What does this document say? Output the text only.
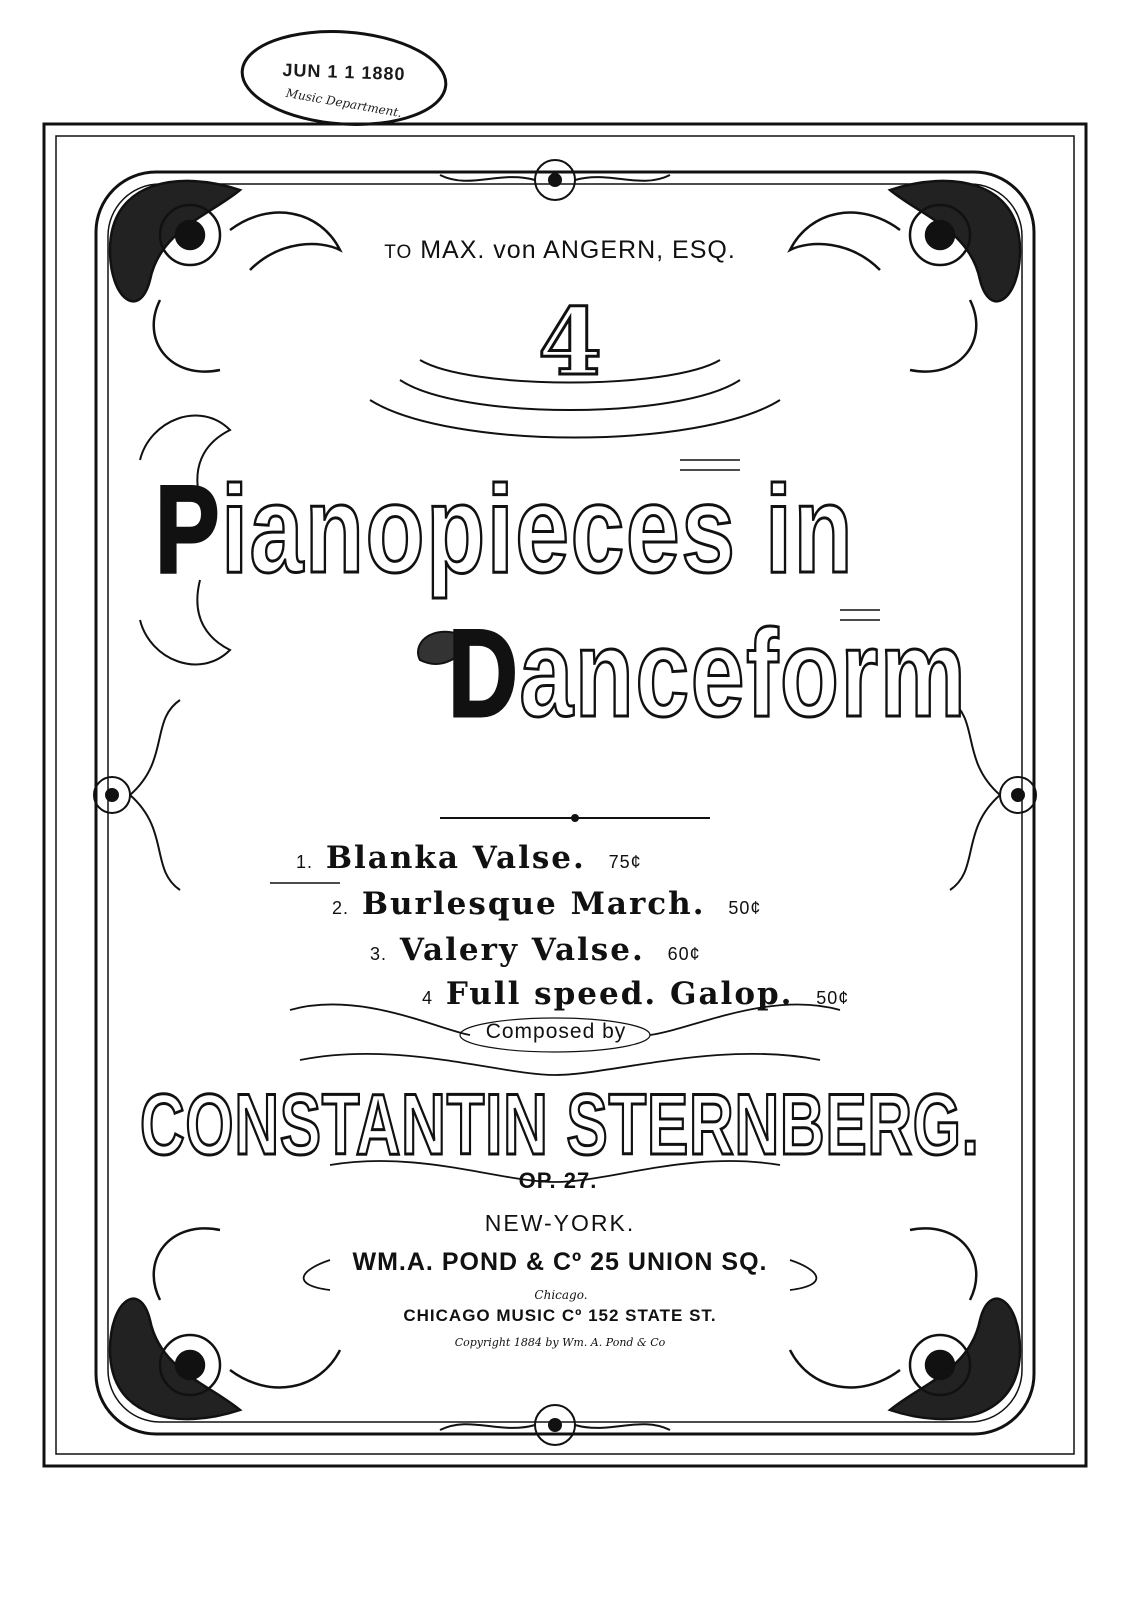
JUN 1 1 1880
Music Department.
TO MAX. von ANGERN, ESQ.
4
Pianopieces in
Danceform
1. Blanka Valse. 75¢
2. Burlesque March. 50¢
3. Valery Valse. 60¢
4 Full speed. Galop. 50¢
Composed by
CONSTANTIN STERNBERG.
OP. 27.
NEW-YORK.
WM.A. POND & Cº 25 UNION SQ.
Chicago.
CHICAGO MUSIC Cº 152 STATE ST.
Copyright 1884 by Wm. A. Pond & Co
